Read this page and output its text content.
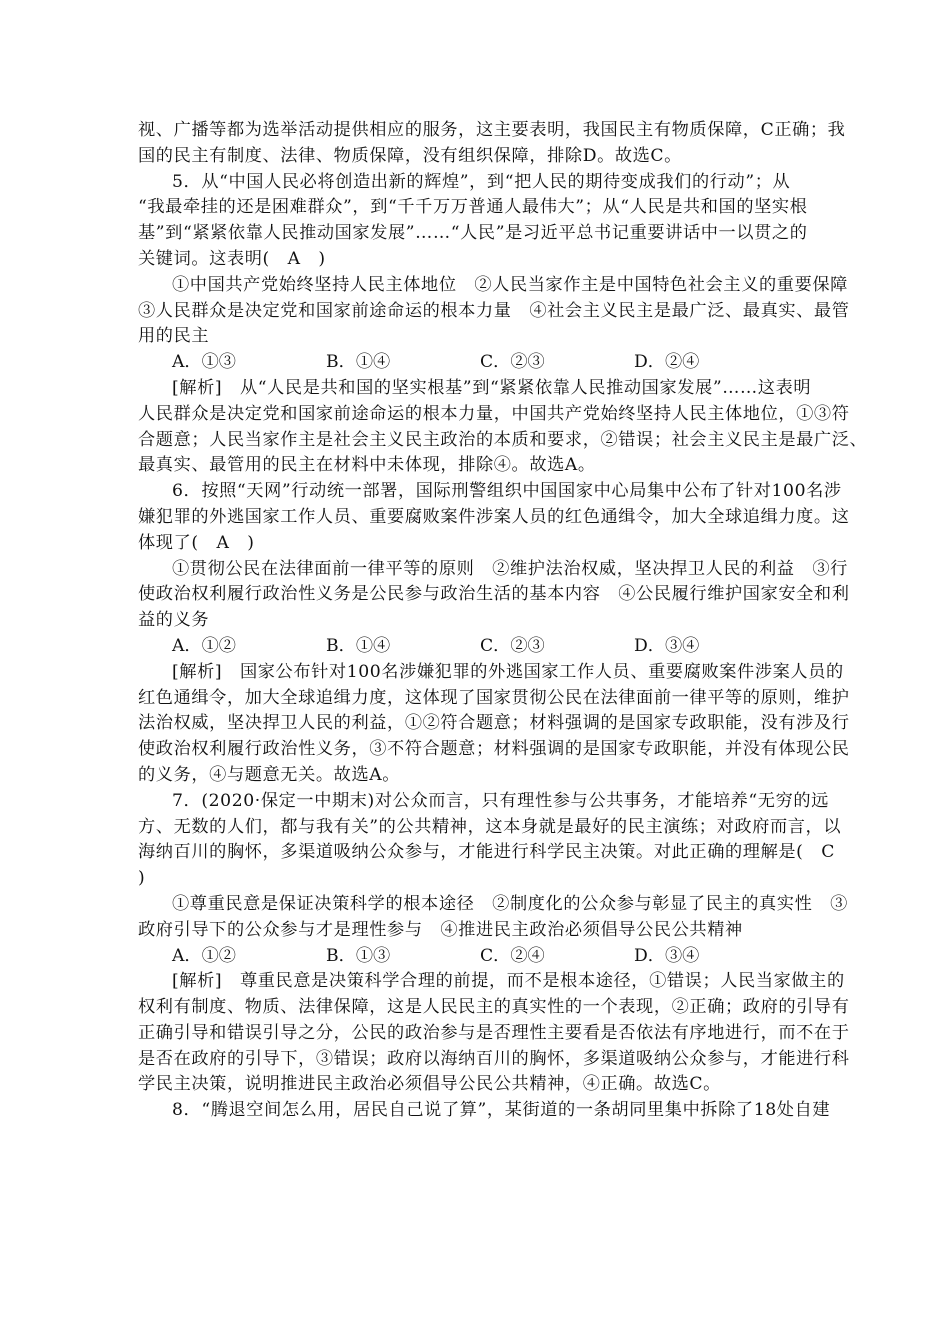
视、广播等都为选举活动提供相应的服务，这主要表明，我国民主有物质保障，C正确；我
国的民主有制度、法律、物质保障，没有组织保障，排除D。故选C。
5．从“中国人民必将创造出新的辉煌”，到“把人民的期待变成我们的行动”；从
“我最牵挂的还是困难群众”，到“千千万万普通人最伟大”；从“人民是共和国的坚实根
基”到“紧紧依靠人民推动国家发展”……“人民”是习近平总书记重要讲话中一以贯之的
关键词。这表明(　A　)
①中国共产党始终坚持人民主体地位　②人民当家作主是中国特色社会主义的重要保障
③人民群众是决定党和国家前途命运的根本力量　④社会主义民主是最广泛、最真实、最管
用的民主
A．①③	B．①④	C．②③	D．②④
[解析]　从“人民是共和国的坚实根基”到“紧紧依靠人民推动国家发展”……这表明
人民群众是决定党和国家前途命运的根本力量，中国共产党始终坚持人民主体地位，①③符
合题意；人民当家作主是社会主义民主政治的本质和要求，②错误；社会主义民主是最广泛、
最真实、最管用的民主在材料中未体现，排除④。故选A。
6．按照“天网”行动统一部署，国际刑警组织中国国家中心局集中公布了针对100名涉
嫌犯罪的外逃国家工作人员、重要腐败案件涉案人员的红色通缉令，加大全球追缉力度。这
体现了(　A　)
①贯彻公民在法律面前一律平等的原则　②维护法治权威，坚决捍卫人民的利益　③行
使政治权利履行政治性义务是公民参与政治生活的基本内容　④公民履行维护国家安全和利
益的义务
A．①②	B．①④	C．②③	D．③④
[解析]　国家公布针对100名涉嫌犯罪的外逃国家工作人员、重要腐败案件涉案人员的
红色通缉令，加大全球追缉力度，这体现了国家贯彻公民在法律面前一律平等的原则，维护
法治权威，坚决捍卫人民的利益，①②符合题意；材料强调的是国家专政职能，没有涉及行
使政治权利履行政治性义务，③不符合题意；材料强调的是国家专政职能，并没有体现公民
的义务，④与题意无关。故选A。
7．(2020·保定一中期末)对公众而言，只有理性参与公共事务，才能培养“无穷的远
方、无数的人们，都与我有关”的公共精神，这本身就是最好的民主演练；对政府而言，以
海纳百川的胸怀，多渠道吸纳公众参与，才能进行科学民主决策。对此正确的理解是(　C
)
①尊重民意是保证决策科学的根本途径　②制度化的公众参与彰显了民主的真实性　③
政府引导下的公众参与才是理性参与　④推进民主政治必须倡导公民公共精神
A．①②	B．①③	C．②④	D．③④
[解析]　尊重民意是决策科学合理的前提，而不是根本途径，①错误；人民当家做主的
权利有制度、物质、法律保障，这是人民民主的真实性的一个表现，②正确；政府的引导有
正确引导和错误引导之分，公民的政治参与是否理性主要看是否依法有序地进行，而不在于
是否在政府的引导下，③错误；政府以海纳百川的胸怀，多渠道吸纳公众参与，才能进行科
学民主决策，说明推进民主政治必须倡导公民公共精神，④正确。故选C。
8．“腾退空间怎么用，居民自己说了算”，某街道的一条胡同里集中拆除了18处自建
